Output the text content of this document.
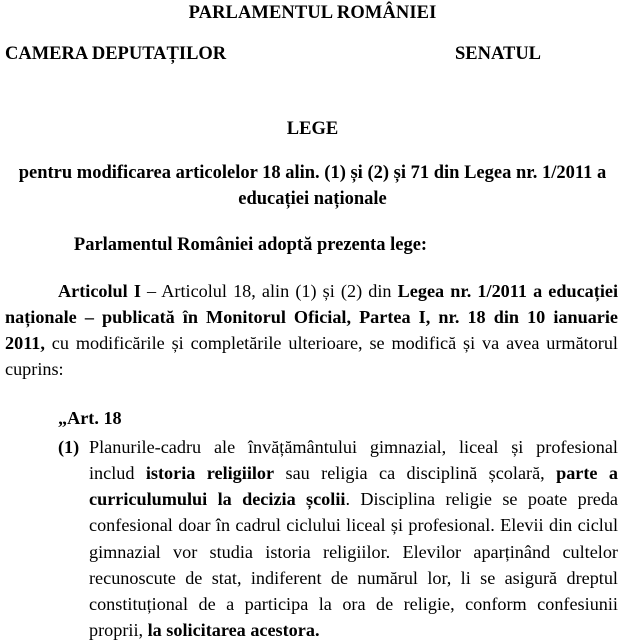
PARLAMENTUL ROMÂNIEI
CAMERA DEPUTAȚILOR	SENATUL
LEGE
pentru modificarea articolelor 18 alin. (1) și (2) și 71 din Legea nr. 1/2011 a educației naționale
Parlamentul României adoptă prezenta lege:

Articolul I – Articolul 18, alin (1) și (2) din Legea nr. 1/2011 a educației naționale – publicată în Monitorul Oficial, Partea I, nr. 18 din 10 ianuarie 2011, cu modificările și completările ulterioare, se modifică și va avea următorul cuprins:

„Art. 18
(1) Planurile-cadru ale învățământului gimnazial, liceal și profesional includ istoria religiilor sau religia ca disciplină școlară, parte a curriculumului la decizia școlii. Disciplina religie se poate preda confesional doar în cadrul ciclului liceal și profesional. Elevii din ciclul gimnazial vor studia istoria religiilor. Elevilor aparținând cultelor recunoscute de stat, indiferent de numărul lor, li se asigură dreptul constituțional de a participa la ora de religie, conform confesiunii proprii, la solicitarea acestora.
